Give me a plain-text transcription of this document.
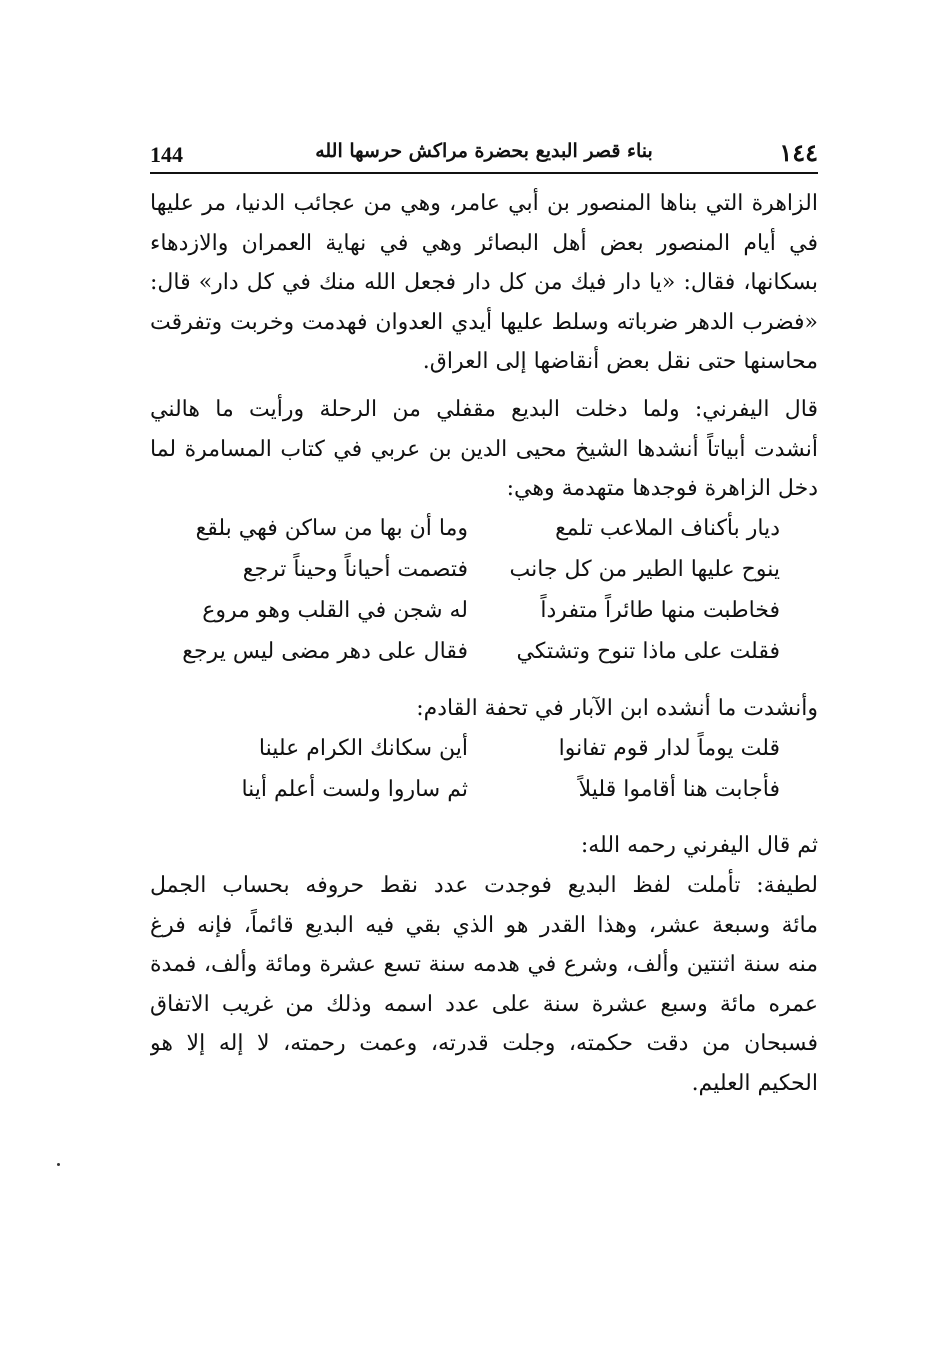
144	بناء قصر البديع بحضرة مراكش حرسها الله	١٤٤
الزاهرة التي بناها المنصور بن أبي عامر، وهي من عجائب الدنيا، مر عليها
في أيام المنصور بعض أهل البصائر وهي في نهاية العمران والازدهاء
بسكانها، فقال: «يا دار فيك من كل دار فجعل الله منك في كل دار» قال:
«فضرب الدهر ضرباته وسلط عليها أيدي العدوان فهدمت وخربت وتفرقت
محاسنها حتى نقل بعض أنقاضها إلى العراق.
قال اليفرني: ولما دخلت البديع مقفلي من الرحلة ورأيت ما هالني
أنشدت أبياتاً أنشدها الشيخ محيى الدين بن عربي في كتاب المسامرة لما
دخل الزاهرة فوجدها متهدمة وهي:
ديار بأكناف الملاعب تلمع
وما أن بها من ساكن فهي بلقع
ينوح عليها الطير من كل جانب
فتصمت أحياناً وحيناً ترجع
فخاطبت منها طائراً متفرداً
له شجن في القلب وهو مروع
فقلت على ماذا تنوح وتشتكي
فقال على دهر مضى ليس يرجع
وأنشدت ما أنشده ابن الآبار في تحفة القادم:
قلت يوماً لدار قوم تفانوا
أين سكانك الكرام علينا
فأجابت هنا أقاموا قليلاً
ثم ساروا ولست أعلم أينا
ثم قال اليفرني رحمه الله:
لطيفة: تأملت لفظ البديع فوجدت عدد نقط حروفه بحساب الجمل
مائة وسبعة عشر، وهذا القدر هو الذي بقي فيه البديع قائماً، فإنه فرغ
منه سنة اثنتين وألف، وشرع في هدمه سنة تسع عشرة ومائة وألف، فمدة
عمره مائة وسبع عشرة سنة على عدد اسمه وذلك من غريب الاتفاق
فسبحان من دقت حكمته، وجلت قدرته، وعمت رحمته، لا إله إلا هو
الحكيم العليم.
